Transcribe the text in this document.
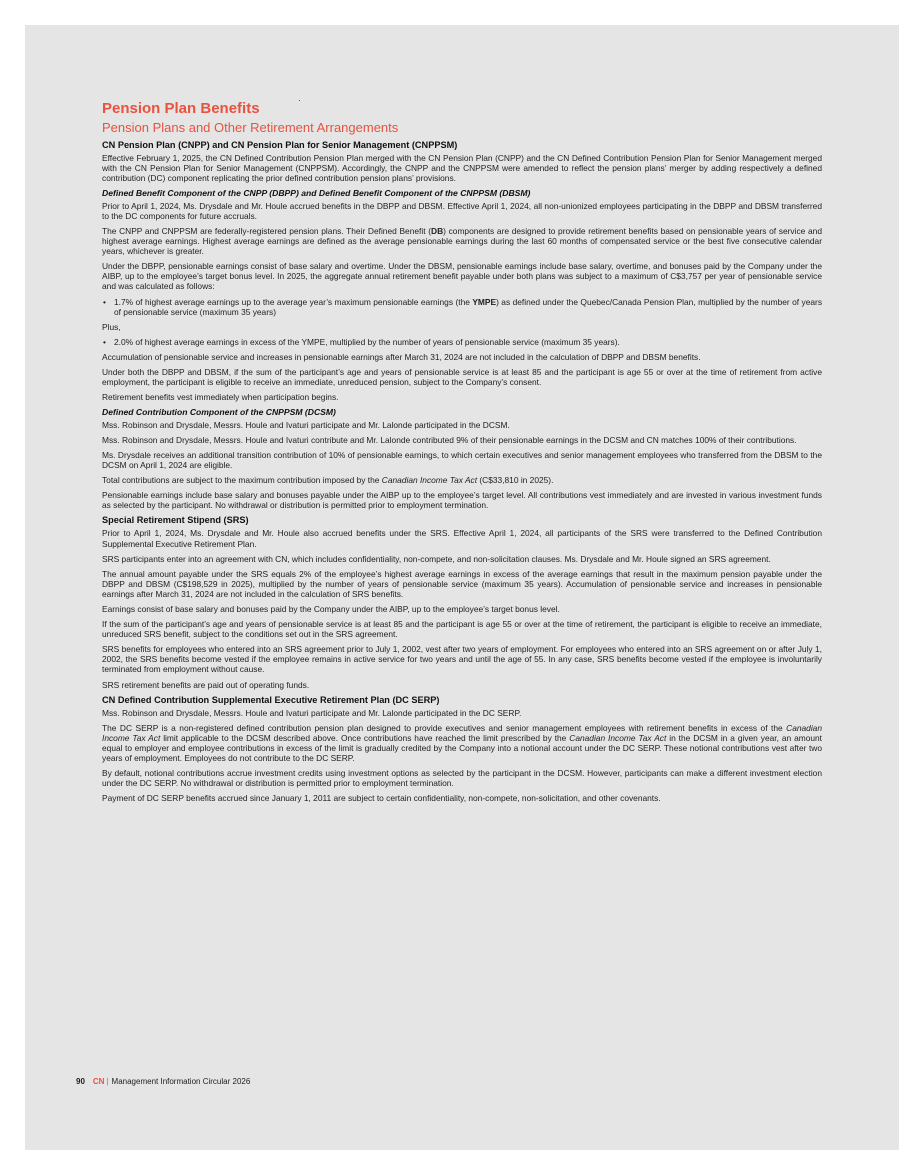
Pension Plan Benefits
Pension Plans and Other Retirement Arrangements
CN Pension Plan (CNPP) and CN Pension Plan for Senior Management (CNPPSM)

Effective February 1, 2025, the CN Defined Contribution Pension Plan merged with the CN Pension Plan (CNPP) and the CN Defined Contribution Pension Plan for Senior Management merged with the CN Pension Plan for Senior Management (CNPPSM). Accordingly, the CNPP and the CNPPSM were amended to reflect the pension plans’ merger by adding respectively a defined contribution (DC) component replicating the prior defined contribution pension plans’ provisions.

Defined Benefit Component of the CNPP (DBPP) and Defined Benefit Component of the CNPPSM (DBSM)

Prior to April 1, 2024, Ms. Drysdale and Mr. Houle accrued benefits in the DBPP and DBSM. Effective April 1, 2024, all non-unionized employees participating in the DBPP and DBSM transferred to the DC components for future accruals.

The CNPP and CNPPSM are federally-registered pension plans. Their Defined Benefit (DB) components are designed to provide retirement benefits based on pensionable years of service and highest average earnings. Highest average earnings are defined as the average pensionable earnings during the last 60 months of compensated service or the best five consecutive calendar years, whichever is greater.

Under the DBPP, pensionable earnings consist of base salary and overtime. Under the DBSM, pensionable earnings include base salary, overtime, and bonuses paid by the Company under the AIBP, up to the employee’s target bonus level. In 2025, the aggregate annual retirement benefit payable under both plans was subject to a maximum of C$3,757 per year of pensionable service and was calculated as follows:

• 1.7% of highest average earnings up to the average year’s maximum pensionable earnings (the YMPE) as defined under the Quebec/Canada Pension Plan, multiplied by the number of years of pensionable service (maximum 35 years)

Plus,

• 2.0% of highest average earnings in excess of the YMPE, multiplied by the number of years of pensionable service (maximum 35 years).

Accumulation of pensionable service and increases in pensionable earnings after March 31, 2024 are not included in the calculation of DBPP and DBSM benefits.

Under both the DBPP and DBSM, if the sum of the participant’s age and years of pensionable service is at least 85 and the participant is age 55 or over at the time of retirement from active employment, the participant is eligible to receive an immediate, unreduced pension, subject to the Company’s consent.

Retirement benefits vest immediately when participation begins.

Defined Contribution Component of the CNPPSM (DCSM)

Mss. Robinson and Drysdale, Messrs. Houle and Ivaturi participate and Mr. Lalonde participated in the DCSM.

Mss. Robinson and Drysdale, Messrs. Houle and Ivaturi contribute and Mr. Lalonde contributed 9% of their pensionable earnings in the DCSM and CN matches 100% of their contributions.

Ms. Drysdale receives an additional transition contribution of 10% of pensionable earnings, to which certain executives and senior management employees who transferred from the DBSM to the DCSM on April 1, 2024 are eligible.

Total contributions are subject to the maximum contribution imposed by the Canadian Income Tax Act (C$33,810 in 2025).

Pensionable earnings include base salary and bonuses payable under the AIBP up to the employee’s target level. All contributions vest immediately and are invested in various investment funds as selected by the participant. No withdrawal or distribution is permitted prior to employment termination.

Special Retirement Stipend (SRS)

Prior to April 1, 2024, Ms. Drysdale and Mr. Houle also accrued benefits under the SRS. Effective April 1, 2024, all participants of the SRS were transferred to the Defined Contribution Supplemental Executive Retirement Plan.

SRS participants enter into an agreement with CN, which includes confidentiality, non-compete, and non-solicitation clauses. Ms. Drysdale and Mr. Houle signed an SRS agreement.

The annual amount payable under the SRS equals 2% of the employee’s highest average earnings in excess of the average earnings that result in the maximum pension payable under the DBPP and DBSM (C$198,529 in 2025), multiplied by the number of years of pensionable service (maximum 35 years). Accumulation of pensionable service and increases in pensionable earnings after March 31, 2024 are not included in the calculation of SRS benefits.

Earnings consist of base salary and bonuses paid by the Company under the AIBP, up to the employee’s target bonus level.

If the sum of the participant’s age and years of pensionable service is at least 85 and the participant is age 55 or over at the time of retirement, the participant is eligible to receive an immediate, unreduced SRS benefit, subject to the conditions set out in the SRS agreement.

SRS benefits for employees who entered into an SRS agreement prior to July 1, 2002, vest after two years of employment. For employees who entered into an SRS agreement on or after July 1, 2002, the SRS benefits become vested if the employee remains in active service for two years and until the age of 55. In any case, SRS benefits become vested if the employee is involuntarily terminated from employment without cause.

SRS retirement benefits are paid out of operating funds.

CN Defined Contribution Supplemental Executive Retirement Plan (DC SERP)

Mss. Robinson and Drysdale, Messrs. Houle and Ivaturi participate and Mr. Lalonde participated in the DC SERP.

The DC SERP is a non-registered defined contribution pension plan designed to provide executives and senior management employees with retirement benefits in excess of the Canadian Income Tax Act limit applicable to the DCSM described above. Once contributions have reached the limit prescribed by the Canadian Income Tax Act in the DCSM in a given year, an amount equal to employer and employee contributions in excess of the limit is gradually credited by the Company into a notional account under the DC SERP. These notional contributions vest after two years of employment. Employees do not contribute to the DC SERP.

By default, notional contributions accrue investment credits using investment options as selected by the participant in the DCSM. However, participants can make a different investment election under the DC SERP. No withdrawal or distribution is permitted prior to employment termination.

Payment of DC SERP benefits accrued since January 1, 2011 are subject to certain confidentiality, non-compete, non-solicitation, and other covenants.

90 CN | Management Information Circular 2026
